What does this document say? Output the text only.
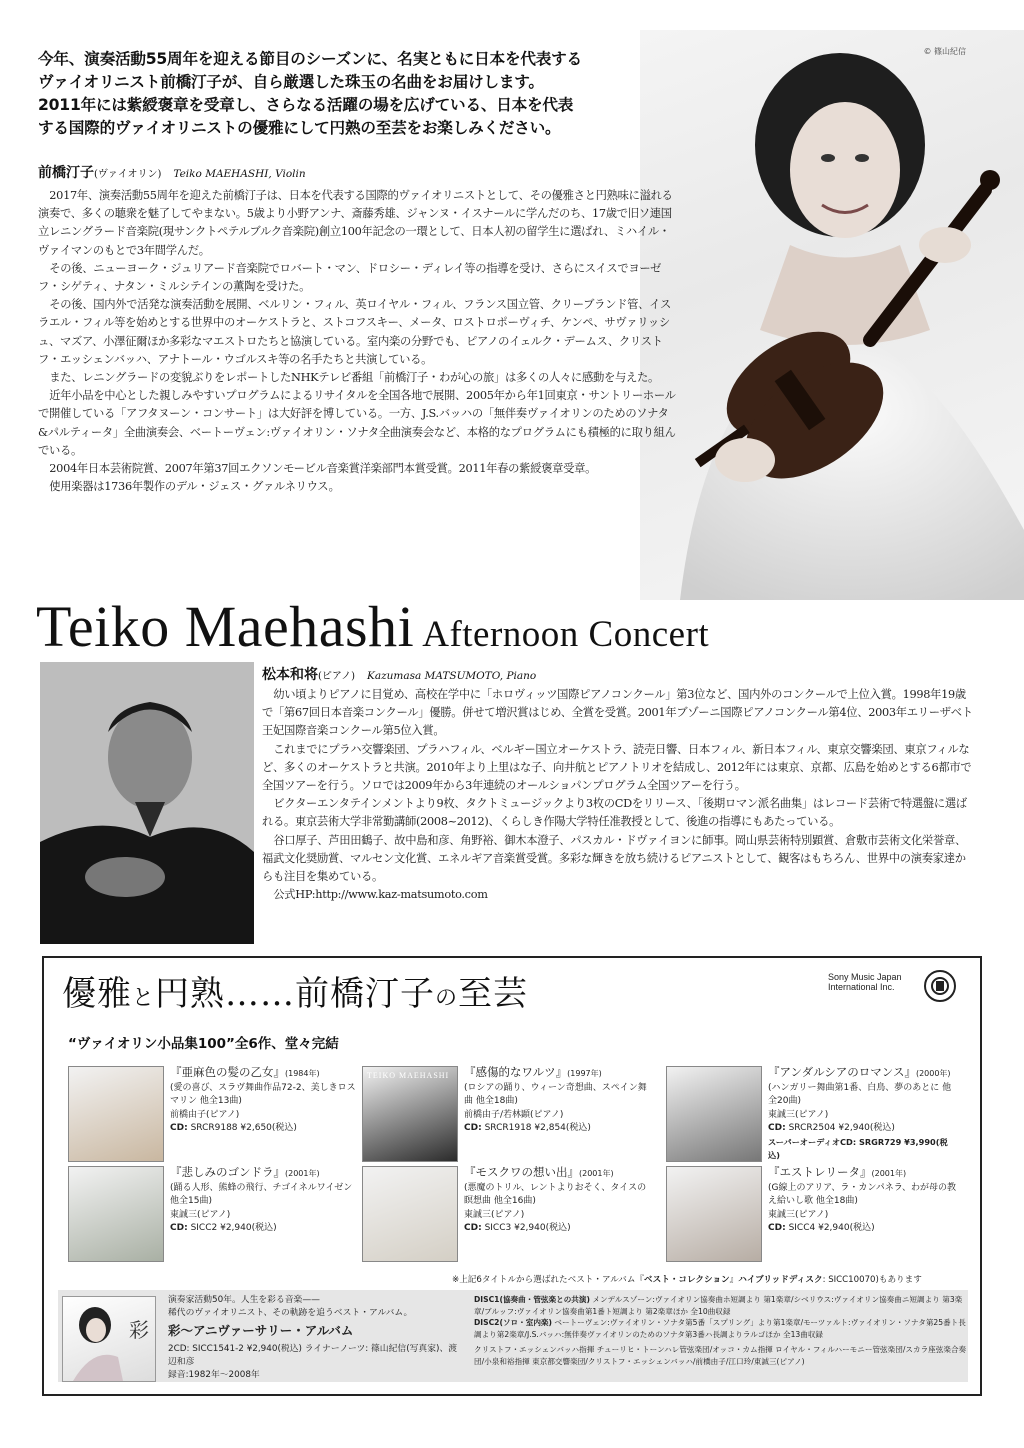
今年、演奏活動55周年を迎える節目のシーズンに、名実ともに日本を代表する
ヴァイオリニスト前橋汀子が、自ら厳選した珠玉の名曲をお届けします。
2011年には紫綬褒章を受章し、さらなる活躍の場を広げている、日本を代表
する国際的ヴァイオリニストの優雅にして円熟の至芸をお楽しみください。
© 篠山紀信
前橋汀子(ヴァイオリン) Teiko MAEHASHI, Violin

2017年、演奏活動55周年を迎えた前橋汀子は、日本を代表する国際的ヴァイオリニストとして、その優雅さと円熟味に溢れる演奏で、多くの聴衆を魅了してやまない。5歳より小野アンナ、斎藤秀雄、ジャンヌ・イスナールに学んだのち、17歳で旧ソ連国立レニングラード音楽院(現サンクトペテルブルク音楽院)創立100年記念の一環として、日本人初の留学生に選ばれ、ミハイル・ヴァイマンのもとで3年間学んだ。

その後、ニューヨーク・ジュリアード音楽院でロバート・マン、ドロシー・ディレイ等の指導を受け、さらにスイスでヨーゼフ・シゲティ、ナタン・ミルシテインの薫陶を受けた。

その後、国内外で活発な演奏活動を展開、ベルリン・フィル、英ロイヤル・フィル、フランス国立管、クリーブランド管、イスラエル・フィル等を始めとする世界中のオーケストラと、ストコフスキー、メータ、ロストロポーヴィチ、ケンペ、サヴァリッシュ、マズア、小澤征爾ほか多彩なマエストロたちと協演している。室内楽の分野でも、ピアノのイェルク・デームス、クリストフ・エッシェンバッハ、アナトール・ウゴルスキ等の名手たちと共演している。

また、レニングラードの変貌ぶりをレポートしたNHKテレビ番組「前橋汀子・わが心の旅」は多くの人々に感動を与えた。

近年小品を中心とした親しみやすいプログラムによるリサイタルを全国各地で展開、2005年から年1回東京・サントリーホールで開催している「アフタヌーン・コンサート」は大好評を博している。一方、J.S.バッハの「無伴奏ヴァイオリンのためのソナタ&パルティータ」全曲演奏会、ベートーヴェン:ヴァイオリン・ソナタ全曲演奏会など、本格的なプログラムにも積極的に取り組んでいる。

2004年日本芸術院賞、2007年第37回エクソンモービル音楽賞洋楽部門本賞受賞。2011年春の紫綬褒章受章。

使用楽器は1736年製作のデル・ジェス・グァルネリウス。

Teiko Maehashi Afternoon Concert
松本和将(ピアノ) Kazumasa MATSUMOTO, Piano

幼い頃よりピアノに目覚め、高校在学中に「ホロヴィッツ国際ピアノコンクール」第3位など、国内外のコンクールで上位入賞。1998年19歳で「第67回日本音楽コンクール」優勝。併せて増沢賞はじめ、全賞を受賞。2001年ブゾーニ国際ピアノコンクール第4位、2003年エリーザベト王妃国際音楽コンクール第5位入賞。

これまでにプラハ交響楽団、プラハフィル、ベルギー国立オーケストラ、読売日響、日本フィル、新日本フィル、東京交響楽団、東京フィルなど、多くのオーケストラと共演。2010年より上里はな子、向井航とピアノトリオを結成し、2012年には東京、京都、広島を始めとする6都市で全国ツアーを行う。ソロでは2009年から3年連続のオールショパンプログラム全国ツアーを行う。

ビクターエンタテインメントより9枚、タクトミュージックより3枚のCDをリリース、「後期ロマン派名曲集」はレコード芸術で特選盤に選ばれる。東京芸術大学非常勤講師(2008~2012)、くらしき作陽大学特任准教授として、後進の指導にもあたっている。

谷口厚子、芦田田鶴子、故中島和彦、角野裕、御木本澄子、パスカル・ドヴァイヨンに師事。岡山県芸術特別顕賞、倉敷市芸術文化栄誉章、福武文化奨励賞、マルセン文化賞、エネルギア音楽賞受賞。多彩な輝きを放ち続けるピアニストとして、観客はもちろん、世界中の演奏家達からも注目を集めている。

公式HP:http://www.kaz-matsumoto.com

優雅と円熟……前橋汀子の至芸	Sony Music Japan
International Inc.
“ヴァイオリン小品集100”全6作、堂々完結
『亜麻色の髪の乙女』(1984年)
(愛の喜び、スラヴ舞曲作品72-2、美しきロスマリン 他全13曲)
前橋由子(ピアノ)
CD: SRCR9188 ¥2,650(税込)
TEIKO MAEHASHI 『感傷的なワルツ』(1997年)
(ロシアの踊り、ウィーン奇想曲、スペイン舞曲 他全18曲)
前橋由子/若林顕(ピアノ)
CD: SRCR1918 ¥2,854(税込)
『アンダルシアのロマンス』(2000年)
(ハンガリー舞曲第1番、白鳥、夢のあとに 他全20曲)
東誠三(ピアノ)
CD: SRCR2504 ¥2,940(税込)
スーパーオーディオCD: SRGR729 ¥3,990(税込)
『悲しみのゴンドラ』(2001年)
(踊る人形、熊蜂の飛行、チゴイネルワイゼン 他全15曲)
東誠三(ピアノ)
CD: SICC2 ¥2,940(税込)
『モスクワの想い出』(2001年)
(悪魔のトリル、レントよりおそく、タイスの瞑想曲 他全16曲)
東誠三(ピアノ)
CD: SICC3 ¥2,940(税込)
『エストレリータ』(2001年)
(G線上のアリア、ラ・カンパネラ、わが母の教え給いし歌 他全18曲)
東誠三(ピアノ)
CD: SICC4 ¥2,940(税込)
※上記6タイトルから選ばれたベスト・アルバム『ベスト・コレクション』ハイブリッドディスク: SICC10070)もあります
彩
演奏家活動50年。人生を彩る音楽——
稀代のヴァイオリニスト、その軌跡を追うベスト・アルバム。
彩〜アニヴァーサリー・アルバム
2CD: SICC1541-2 ¥2,940(税込) ライナーノーツ: 篠山紀信(写真家)、渡辺和彦
録音:1982年〜2008年
DISC1(協奏曲・管弦楽との共演) メンデルスゾーン:ヴァイオリン協奏曲ホ短調より 第1楽章/シベリウス:ヴァイオリン協奏曲ニ短調より 第3楽章/ブルッフ:ヴァイオリン協奏曲第1番ト短調より 第2楽章ほか 全10曲収録
DISC2(ソロ・室内楽) ベートーヴェン:ヴァイオリン・ソナタ第5番「スプリング」より第1楽章/モーツァルト:ヴァイオリン・ソナタ第25番ト長調より第2楽章/J.S.バッハ:無伴奏ヴァイオリンのためのソナタ第3番ハ長調よりラルゴほか 全13曲収録
クリストフ・エッシェンバッハ指揮 チューリヒ・トーンハレ管弦楽団/オッコ・カム指揮 ロイヤル・フィルハーモニー管弦楽団/スカラ座弦楽合奏団/小泉和裕指揮 東京都交響楽団/クリストフ・エッシェンバッハ/前橋由子/江口玲/東誠三(ピアノ)
